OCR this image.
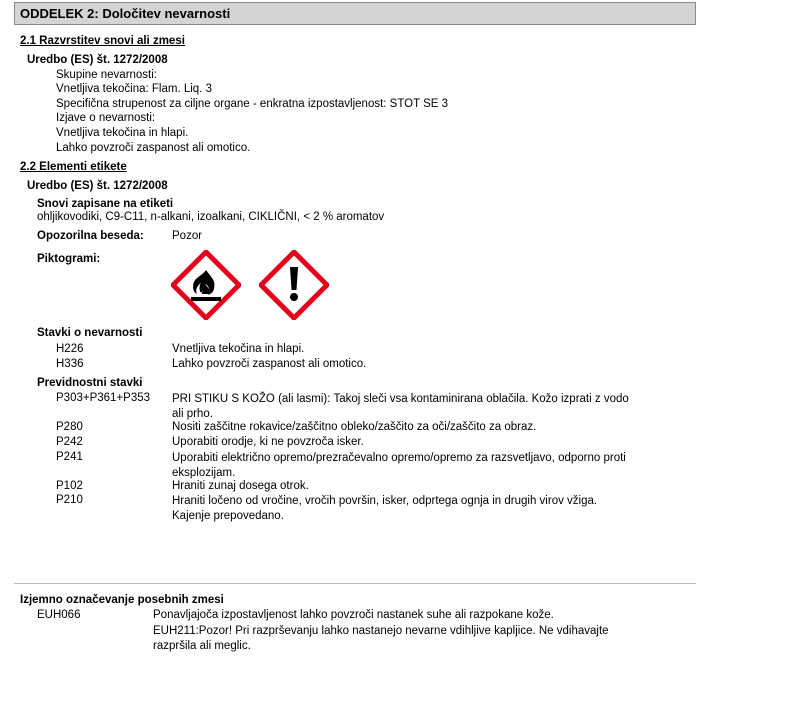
ODDELEK 2: Določitev nevarnosti
2.1 Razvrstitev snovi ali zmesi
Uredbo (ES) št. 1272/2008
Skupine nevarnosti:
Vnetljiva tekočina: Flam. Liq. 3
Specifična strupenost za ciljne organe - enkratna izpostavljenost: STOT SE 3
Izjave o nevarnosti:
Vnetljiva tekočina in hlapi.
Lahko povzroči zaspanost ali omotico.
2.2 Elementi etikete
Uredbo (ES) št. 1272/2008
Snovi zapisane na etiketi
ohljikovodiki, C9-C11, n-alkani, izoalkani, CIKLIČNI, < 2 % aromatov
Opozorilna beseda: Pozor
Piktogrami:
Stavki o nevarnosti
H226	Vnetljiva tekočina in hlapi.
H336	Lahko povzroči zaspanost ali omotico.
Previdnostni stavki
P303+P361+P353 PRI STIKU S KOŽO (ali lasmi): Takoj sleči vsa kontaminirana oblačila. Kožo izprati z vodo ali prho.
P280	Nositi zaščitne rokavice/zaščitno obleko/zaščito za oči/zaščito za obraz.
P242	Uporabiti orodje, ki ne povzroča isker.
P241	Uporabiti električno opremo/prezračevalno opremo/opremo za razsvetljavo, odporno proti eksplozijam.
P102	Hraniti zunaj dosega otrok.
P210	Hraniti ločeno od vročine, vročih površin, isker, odprtega ognja in drugih virov vžiga. Kajenje prepovedano.
Izjemno označevanje posebnih zmesi
EUH066	Ponavljajoča izpostavljenost lahko povzroči nastanek suhe ali razpokane kože.
EUH211:Pozor! Pri razprševanju lahko nastanejo nevarne vdihljive kapljice. Ne vdihavajte razpršila ali meglic.
